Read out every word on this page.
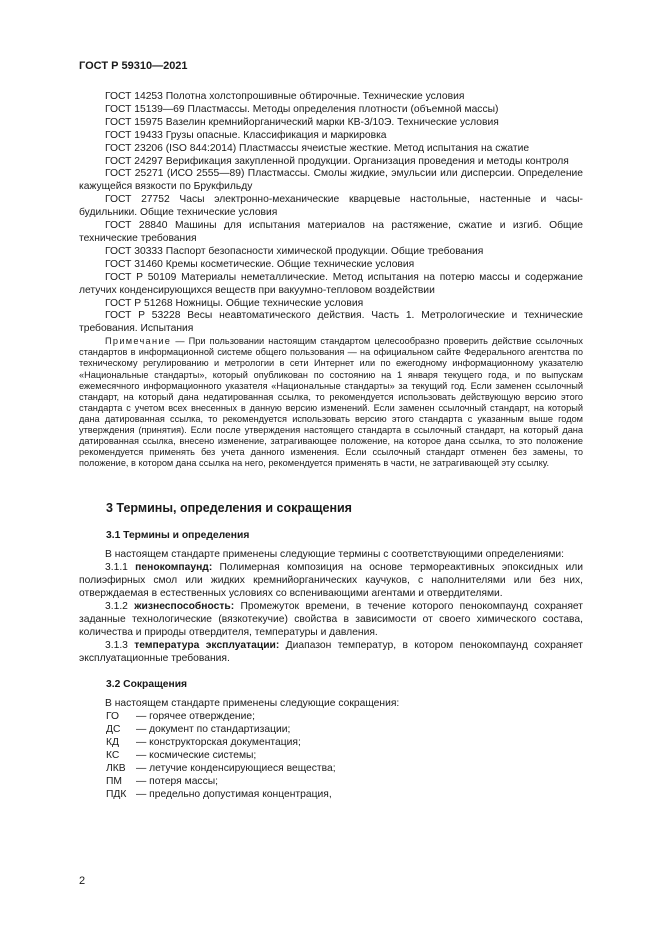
ГОСТ Р 59310—2021

ГОСТ 14253 Полотна холстопрошивные обтирочные. Технические условия

ГОСТ 15139—69 Пластмассы. Методы определения плотности (объемной массы)

ГОСТ 15975 Вазелин кремнийорганический марки КВ-3/10Э. Технические условия

ГОСТ 19433 Грузы опасные. Классификация и маркировка

ГОСТ 23206 (ISO 844:2014) Пластмассы ячеистые жесткие. Метод испытания на сжатие

ГОСТ 24297 Верификация закупленной продукции. Организация проведения и методы контроля

ГОСТ 25271 (ИСО 2555—89) Пластмассы. Смолы жидкие, эмульсии или дисперсии. Определение кажущейся вязкости по Брукфильду

ГОСТ 27752 Часы электронно-механические кварцевые настольные, настенные и часы-будильники. Общие технические условия

ГОСТ 28840 Машины для испытания материалов на растяжение, сжатие и изгиб. Общие технические требования

ГОСТ 30333 Паспорт безопасности химической продукции. Общие требования

ГОСТ 31460 Кремы косметические. Общие технические условия

ГОСТ Р 50109 Материалы неметаллические. Метод испытания на потерю массы и содержание летучих конденсирующихся веществ при вакуумно-тепловом воздействии

ГОСТ Р 51268 Ножницы. Общие технические условия

ГОСТ Р 53228 Весы неавтоматического действия. Часть 1. Метрологические и технические требования. Испытания

Примечание — При пользовании настоящим стандартом целесообразно проверить действие ссылочных стандартов в информационной системе общего пользования — на официальном сайте Федерального агентства по техническому регулированию и метрологии в сети Интернет или по ежегодному информационному указателю «Национальные стандарты», который опубликован по состоянию на 1 января текущего года, и по выпускам ежемесячного информационного указателя «Национальные стандарты» за текущий год. Если заменен ссылочный стандарт, на который дана недатированная ссылка, то рекомендуется использовать действующую версию этого стандарта с учетом всех внесенных в данную версию изменений. Если заменен ссылочный стандарт, на который дана датированная ссылка, то рекомендуется использовать версию этого стандарта с указанным выше годом утверждения (принятия). Если после утверждения настоящего стандарта в ссылочный стандарт, на который дана датированная ссылка, внесено изменение, затрагивающее положение, на которое дана ссылка, то это положение рекомендуется применять без учета данного изменения. Если ссылочный стандарт отменен без замены, то положение, в котором дана ссылка на него, рекомендуется применять в части, не затрагивающей эту ссылку.

3 Термины, определения и сокращения
3.1 Термины и определения

В настоящем стандарте применены следующие термины с соответствующими определениями:

3.1.1 пенокомпаунд: Полимерная композиция на основе термореактивных эпоксидных или полиэфирных смол или жидких кремнийорганических каучуков, с наполнителями или без них, отверждаемая в естественных условиях со вспенивающими агентами и отвердителями.

3.1.2 жизнеспособность: Промежуток времени, в течение которого пенокомпаунд сохраняет заданные технологические (вязкотекучие) свойства в зависимости от своего химического состава, количества и природы отвердителя, температуры и давления.

3.1.3 температура эксплуатации: Диапазон температур, в котором пенокомпаунд сохраняет эксплуатационные требования.

3.2 Сокращения

В настоящем стандарте применены следующие сокращения:

ГО	— горячее отверждение;
ДС	— документ по стандартизации;
КД	— конструкторская документация;
КС	— космические системы;
ЛКВ	— летучие конденсирующиеся вещества;
ПМ	— потеря массы;
ПДК — предельно допустимая концентрация,
2
